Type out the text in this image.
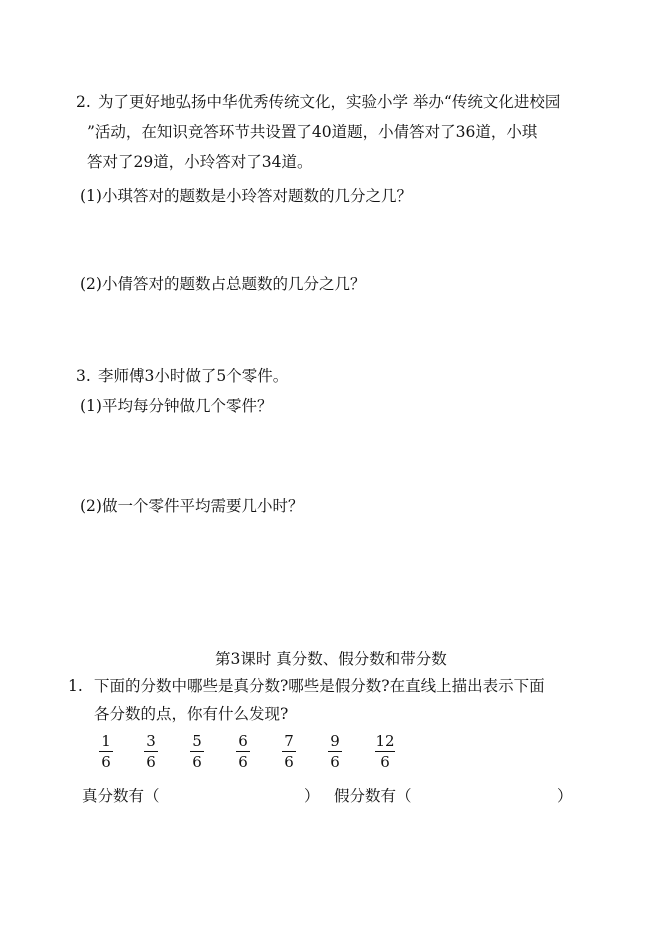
2. 为了更好地弘扬中华优秀传统文化，实验小学 举办“传统文化进校园
”活动，在知识竞答环节共设置了40道题，小倩答对了36道，小琪
答对了29道，小玲答对了34道。
(1)小琪答对的题数是小玲答对题数的几分之几？
(2)小倩答对的题数占总题数的几分之几？
3. 李师傅3小时做了5个零件。
(1)平均每分钟做几个零件？
(2)做一个零件平均需要几小时？
第3课时 真分数、假分数和带分数
1. 下面的分数中哪些是真分数?哪些是假分数?在直线上描出表示下面
各分数的点，你有什么发现?
1
6
3
6
5
6
6
6
7
6
9
6
12
6
真分数有（	） 假分数有（	）
